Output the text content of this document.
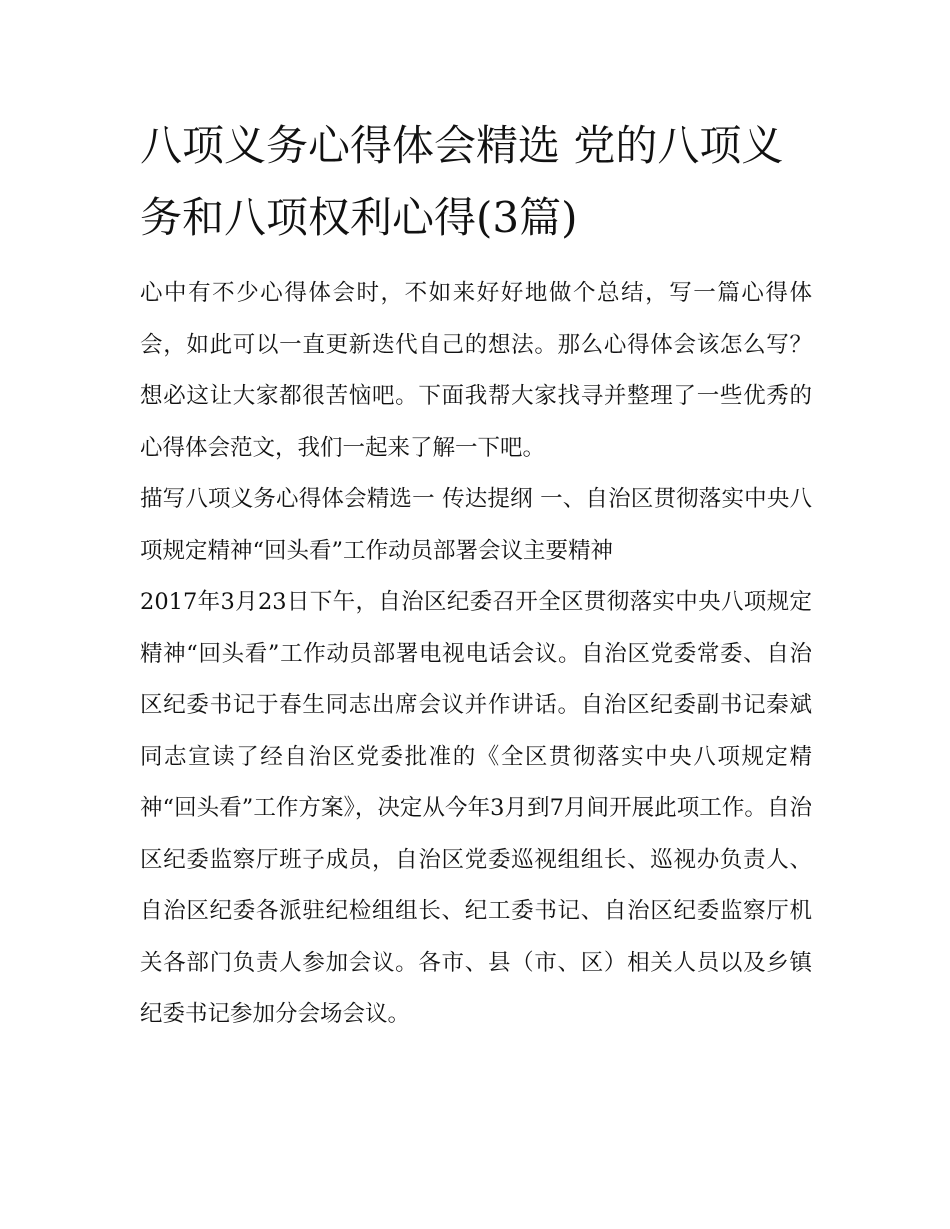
八项义务心得体会精选 党的八项义务和八项权利心得(3篇)

心中有不少心得体会时，不如来好好地做个总结，写一篇心得体会，如此可以一直更新迭代自己的想法。那么心得体会该怎么写？想必这让大家都很苦恼吧。下面我帮大家找寻并整理了一些优秀的心得体会范文，我们一起来了解一下吧。

描写八项义务心得体会精选一 传达提纲 一、自治区贯彻落实中央八项规定精神“回头看”工作动员部署会议主要精神

2017年3月23日下午，自治区纪委召开全区贯彻落实中央八项规定精神“回头看”工作动员部署电视电话会议。自治区党委常委、自治区纪委书记于春生同志出席会议并作讲话。自治区纪委副书记秦斌同志宣读了经自治区党委批准的《全区贯彻落实中央八项规定精神“回头看”工作方案》，决定从今年3月到7月间开展此项工作。自治区纪委监察厅班子成员，自治区党委巡视组组长、巡视办负责人、自治区纪委各派驻纪检组组长、纪工委书记、自治区纪委监察厅机关各部门负责人参加会议。各市、县（市、区）相关人员以及乡镇纪委书记参加分会场会议。
